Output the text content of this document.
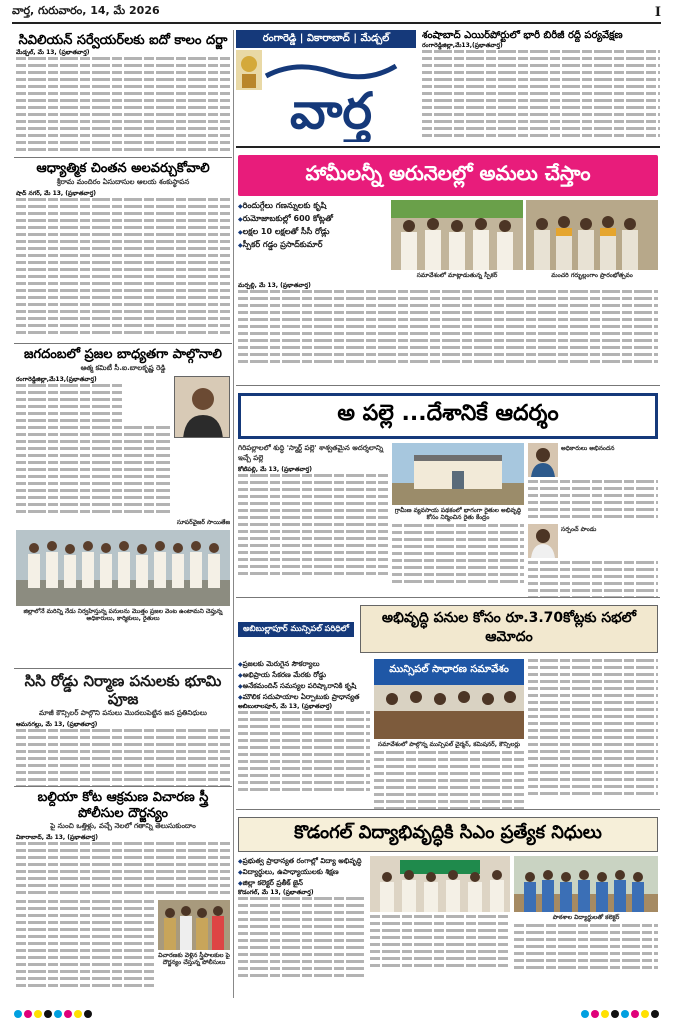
వార్త, గురువారం, 14, మే 2026	I
సివిలియన్ సర్వేయర్‌లకు ఐదో కాలం దర్జా
మేడ్చల్, మే 13, (ప్రభాతవార్త)
ఆధ్యాత్మిక చింతన అలవర్చుకోవాలి
శ్రీరామ మందిరం ఏసుదాసుల ఆలయ శంకుస్థాపన
షాద్ నగర్, మే 13, (ప్రభాతవార్త)
జగదంబలో ప్రజల బాధ్యతగా పాల్గొనాలి
ఆత్మ కమిటీ సీ.ఐ.బాలకృష్ణ రెడ్డి
రంగారెడ్డిజిల్లా,మే13,(ప్రభాతవార్త)
సూపర్‌వైజర్ సాయితేజ
జిల్లాలోనే మరిన్ని నేడు నిర్వహిస్తున్న పనులను మొత్తం ప్రజల వెంట ఉంటామని చెప్తున్న అధికారులు, కార్మికులు, రైతులు
సిసి రోడ్డు నిర్మాణ పనులకు భూమి పూజ
మాజీ కౌన్సిలర్ పాల్గొని పనులు మొదలుపెట్టిన జన ప్రతినిధులు
ఆమనగల్లు, మే 13, (ప్రభాతవార్త)
బల్దియా కోట ఆక్రమణ విచారణ స్త్రీ పోలీసుల దౌర్జన్యం
పై నుంచి ఒత్తిళ్లు, వచ్చే నెలలో గతాన్ని తెలుసుకుందాం
వికారాబాద్, మే 13, (ప్రభాతవార్త)
విచారణకు వెళ్లిన స్త్రీపాలకుల పై దౌర్జన్యం చేస్తున్న పోలీసులు
రంగారెడ్డి | వికారాబాద్ | మేడ్చల్
వార్త
శంషాబాద్ ఎయిర్‌పోర్టులో భారీ బిరీజీ రద్దీ పర్యవేక్షణ
రంగారెడ్డిజిల్లా,మే13,(ప్రభాతవార్త)
హామీలన్నీ అరునెలల్లో అమలు చేస్తాం
◆ రిందుగ్గేలు గణన్నులకు కృషి
◆ రుమోజాబకుల్లో 600 కోట్లతో
◆ లక్షల 10 లక్షలతో సీసీ రోడ్లు
◆ స్పీకర్ గడ్డం ప్రసాద్‌కుమార్
సమావేశంలో మాట్లాడుతున్న స్పీకర్	మంచరి గర్భుల్లంగాం ప్రారంభోత్సవం
మర్పల్లి, మే 13, (ప్రభాతవార్త)
అ పల్లె ...దేశానికే ఆదర్శం
గిరిపల్లాలలో శుద్ధి 'స్మార్ట్ పల్లె' శాశ్వతమైన అదర్శలాన్ని ఇచ్చే పల్లె
కోటిపల్లి, మే 13, (ప్రభాతవార్త)
గ్రామీణ వ్యవసాయ పథకంలో భాగంగా రైతుల అభివృద్ధి కోసం నిర్మించిన రైతు కేంద్రం
అధికారులు అభినందన
సర్పంచ్ పాండు
అబిబుల్లాపూర్ మున్సిపల్ పరిధిలో
అభివృద్ధి పనుల కోసం రూ.3.70కోట్లకు సభలో ఆమోదం
◆ ప్రజలకు మెరుగైన సౌకర్యాలు
◆ అభిప్రాయ సేకరణ మేరకు రోడ్డు
◆ అనేకమందిన్ సమస్యల పరిష్కారానికి కృషి
◆ మౌలిక సదుపాయాల ఏర్పాటుకు ప్రాధాన్యత
అబిబులాలపూర్, మే 13, (ప్రభాతవార్త)
మున్సిపల్ సాధారణ సమావేశం
సమావేశంలో పాల్గొన్న మున్సిపల్ చైర్మన్, కమిషనర్, కౌన్సిలర్లు
కొడంగల్ విద్యాభివృద్ధికి సిఎం ప్రత్యేక నిధులు
◆ ప్రభుత్వ ప్రాధాన్యత రంగాల్లో విద్యా అభివృద్ధి
◆ విద్యార్థులు, ఉపాధ్యాయులకు శిక్షణ
◆ జిల్లా కలెక్టర్ ప్రతీక్ జైన్
కొడంగల్, మే 13, (ప్రభాతవార్త)
పాఠశాల విద్యార్థులతో కలెక్టర్
